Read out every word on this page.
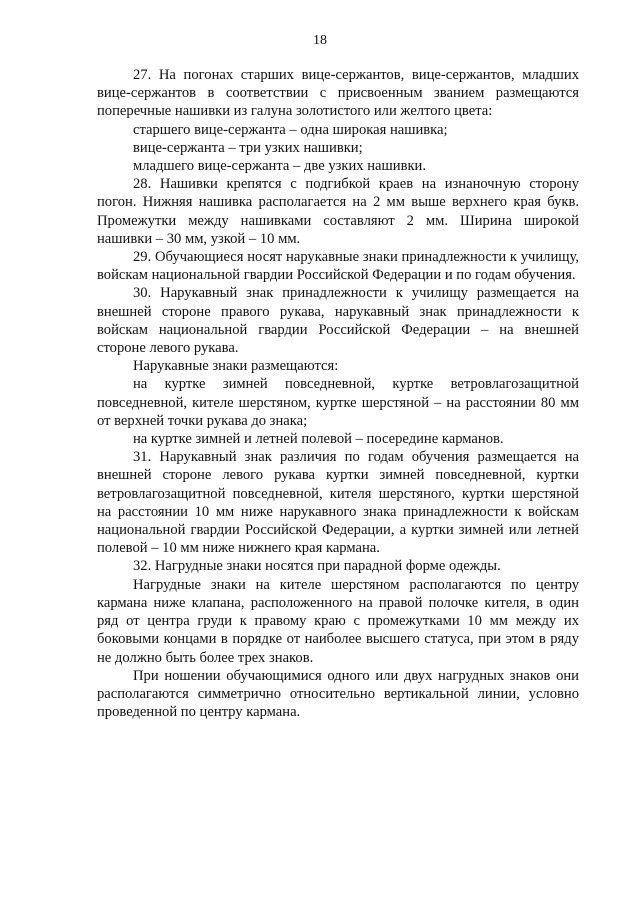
18

27. На погонах старших вице-сержантов, вице-сержантов, младших вице-сержантов в соответствии с присвоенным званием размещаются поперечные нашивки из галуна золотистого или желтого цвета:

старшего вице-сержанта – одна широкая нашивка;

вице-сержанта – три узких нашивки;

младшего вице-сержанта – две узких нашивки.

28. Нашивки крепятся с подгибкой краев на изнаночную сторону погон. Нижняя нашивка располагается на 2 мм выше верхнего края букв. Промежутки между нашивками составляют 2 мм. Ширина широкой нашивки – 30 мм, узкой – 10 мм.

29. Обучающиеся носят нарукавные знаки принадлежности к училищу, войскам национальной гвардии Российской Федерации и по годам обучения.

30. Нарукавный знак принадлежности к училищу размещается на внешней стороне правого рукава, нарукавный знак принадлежности к войскам национальной гвардии Российской Федерации – на внешней стороне левого рукава.

Нарукавные знаки размещаются:

на куртке зимней повседневной, куртке ветровлагозащитной повседневной, кителе шерстяном, куртке шерстяной – на расстоянии 80 мм от верхней точки рукава до знака;

на куртке зимней и летней полевой – посередине карманов.

31. Нарукавный знак различия по годам обучения размещается на внешней стороне левого рукава куртки зимней повседневной, куртки ветровлагозащитной повседневной, кителя шерстяного, куртки шерстяной на расстоянии 10 мм ниже нарукавного знака принадлежности к войскам национальной гвардии Российской Федерации, а куртки зимней или летней полевой – 10 мм ниже нижнего края кармана.

32. Нагрудные знаки носятся при парадной форме одежды.

Нагрудные знаки на кителе шерстяном располагаются по центру кармана ниже клапана, расположенного на правой полочке кителя, в один ряд от центра груди к правому краю с промежутками 10 мм между их боковыми концами в порядке от наиболее высшего статуса, при этом в ряду не должно быть более трех знаков.

При ношении обучающимися одного или двух нагрудных знаков они располагаются симметрично относительно вертикальной линии, условно проведенной по центру кармана.
